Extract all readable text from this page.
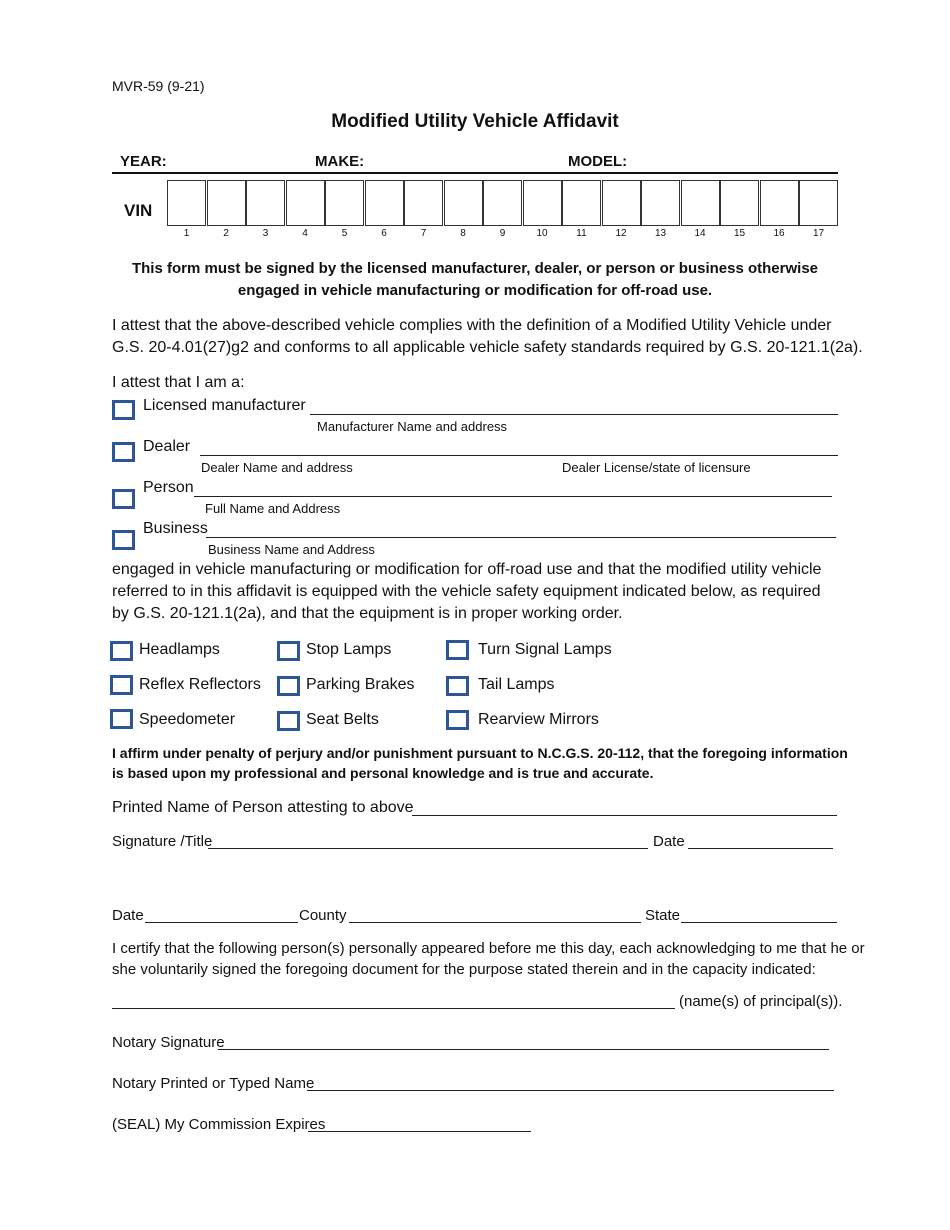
MVR-59 (9-21)
Modified Utility Vehicle Affidavit
YEAR:	MAKE:	MODEL:
VIN
1	2	3	4	5	6	7	8	9	10	11	12	13	14	15	16	17
This form must be signed by the licensed manufacturer, dealer, or person or business otherwise
engaged in vehicle manufacturing or modification for off-road use.
I attest that the above-described vehicle complies with the definition of a Modified Utility Vehicle under
G.S. 20-4.01(27)g2 and conforms to all applicable vehicle safety standards required by G.S. 20-121.1(2a).
I attest that I am a:
Licensed manufacturer
Manufacturer Name and address
Dealer
Dealer Name and address	Dealer License/state of licensure
Person
Full Name and Address
Business
Business Name and Address
engaged in vehicle manufacturing or modification for off-road use and that the modified utility vehicle
referred to in this affidavit is equipped with the vehicle safety equipment indicated below, as required
by G.S. 20-121.1(2a), and that the equipment is in proper working order.
Headlamps	Stop Lamps	Turn Signal Lamps
Reflex Reflectors	Parking Brakes	Tail Lamps
Speedometer	Seat Belts	Rearview Mirrors
I affirm under penalty of perjury and/or punishment pursuant to N.C.G.S. 20-112, that the foregoing information
is based upon my professional and personal knowledge and is true and accurate.
Printed Name of Person attesting to above
Signature /Title	Date
Date	County	State
I certify that the following person(s) personally appeared before me this day, each acknowledging to me that he or
she voluntarily signed the foregoing document for the purpose stated therein and in the capacity indicated:
(name(s) of principal(s)).
Notary Signature
Notary Printed or Typed Name
(SEAL) My Commission Expires
